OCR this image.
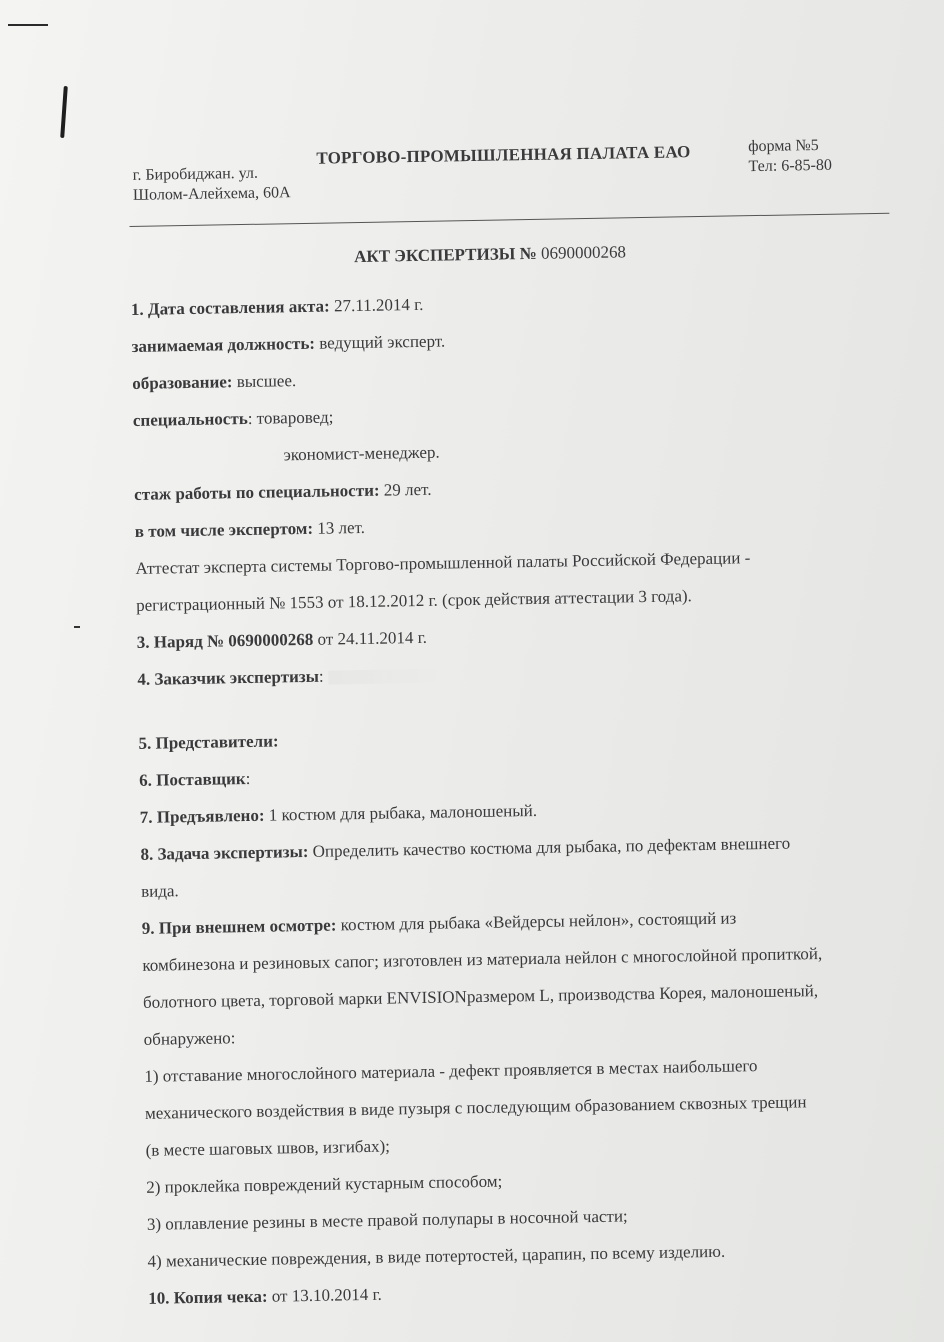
г. Биробиджан. ул. Шолом-Алейхема, 60А
ТОРГОВО-ПРОМЫШЛЕННАЯ ПАЛАТА ЕАО	форма №5
Тел: 6-85-80
АКТ ЭКСПЕРТИЗЫ № 0690000268
1. Дата составления акта: 27.11.2014 г.
занимаемая должность: ведущий эксперт.
образование: высшее.
специальность: товаровед;
экономист-менеджер.
стаж работы по специальности: 29 лет.
в том числе экспертом: 13 лет.
Аттестат эксперта системы Торгово-промышленной палаты Российской Федерации -
регистрационный № 1553 от 18.12.2012 г. (срок действия аттестации 3 года).
3. Наряд № 0690000268 от 24.11.2014 г.
4. Заказчик экспертизы:
5. Представители:
6. Поставщик:
7. Предъявлено: 1 костюм для рыбака, малоношеный.
8. Задача экспертизы: Определить качество костюма для рыбака, по дефектам внешнего
вида.
9. При внешнем осмотре: костюм для рыбака «Вейдерсы нейлон», состоящий из
комбинезона и резиновых сапог; изготовлен из материала нейлон с многослойной пропиткой,
болотного цвета, торговой марки ENVISIONразмером L, производства Корея, малоношеный,
обнаружено:
1) отставание многослойного материала - дефект проявляется в местах наибольшего
механического воздействия в виде пузыря с последующим образованием сквозных трещин
(в месте шаговых швов, изгибах);
2) проклейка повреждений кустарным способом;
3) оплавление резины в месте правой полупары в носочной части;
4) механические повреждения, в виде потертостей, царапин, по всему изделию.
10. Копия чека: от 13.10.2014 г.
